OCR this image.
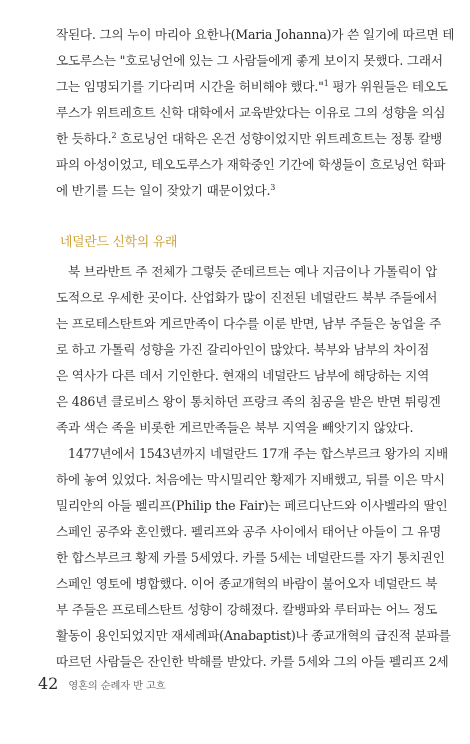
작된다. 그의 누이 마리아 요한나(Maria Johanna)가 쓴 일기에 따르면 테
오도루스는 "호로닝언에 있는 그 사람들에게 좋게 보이지 못했다. 그래서
그는 임명되기를 기다리며 시간을 허비해야 했다."$^1$ 평가 위원들은 테오도
루스가 위트레흐트 신학 대학에서 교육받았다는 이유로 그의 성향을 의심
한 듯하다.$^2$ 흐로닝언 대학은 온건 성향이었지만 위트레흐트는 정통 칼뱅
파의 아성이었고, 테오도루스가 재학중인 기간에 학생들이 흐로닝언 학파
에 반기를 드는 일이 잦았기 때문이었다.$^3$
네덜란드 신학의 유래
북 브라반트 주 전체가 그렇듯 준데르트는 예나 지금이나 가톨릭이 압
도적으로 우세한 곳이다. 산업화가 많이 진전된 네덜란드 북부 주들에서
는 프로테스탄트와 게르만족이 다수를 이룬 반면, 남부 주들은 농업을 주
로 하고 가톨릭 성향을 가진 갈리아인이 많았다. 북부와 남부의 차이점
은 역사가 다른 데서 기인한다. 현재의 네덜란드 남부에 해당하는 지역
은 486년 클로비스 왕이 통치하던 프랑크 족의 침공을 받은 반면 튀링겐
족과 색슨 족을 비롯한 게르만족들은 북부 지역을 빼앗기지 않았다.
1477년에서 1543년까지 네덜란드 17개 주는 합스부르크 왕가의 지배
하에 놓여 있었다. 처음에는 막시밀리안 황제가 지배했고, 뒤를 이은 막시
밀리안의 아들 펠리프(Philip the Fair)는 페르디난드와 이사벨라의 딸인
스페인 공주와 혼인했다. 펠리프와 공주 사이에서 태어난 아들이 그 유명
한 합스부르크 황제 카를 5세였다. 카를 5세는 네덜란드를 자기 통치권인
스페인 영토에 병합했다. 이어 종교개혁의 바람이 불어오자 네덜란드 북
부 주들은 프로테스탄트 성향이 강해졌다. 칼뱅파와 루터파는 어느 정도
활동이 용인되었지만 재세례파(Anabaptist)나 종교개혁의 급진적 분파를
따르던 사람들은 잔인한 박해를 받았다. 카를 5세와 그의 아들 펠리프 2세
42 영혼의 순례자 반 고흐
